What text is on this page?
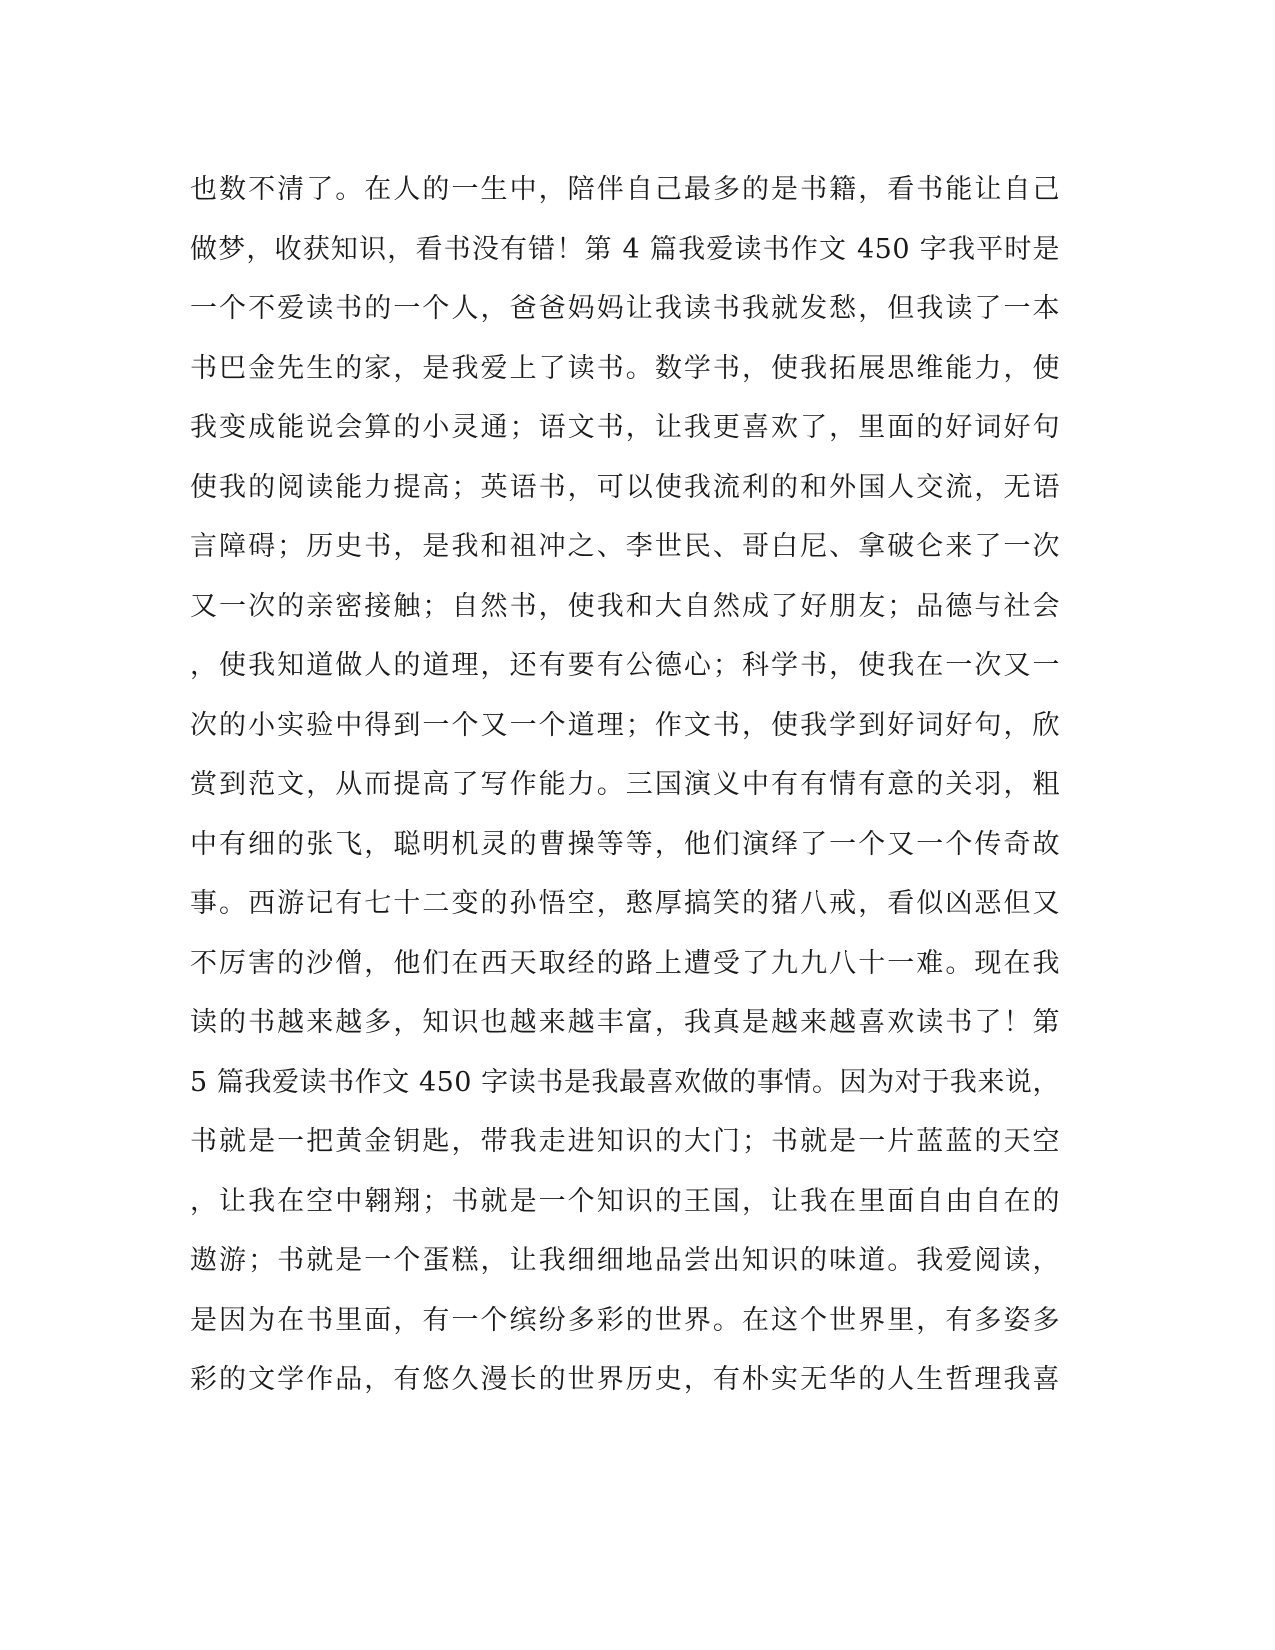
也数不清了。在人的一生中，陪伴自己最多的是书籍，看书能让自己
做梦，收获知识，看书没有错！第 4 篇我爱读书作文 450 字我平时是
一个不爱读书的一个人，爸爸妈妈让我读书我就发愁，但我读了一本
书巴金先生的家，是我爱上了读书。数学书，使我拓展思维能力，使
我变成能说会算的小灵通；语文书，让我更喜欢了，里面的好词好句
使我的阅读能力提高；英语书，可以使我流利的和外国人交流，无语
言障碍；历史书，是我和祖冲之、李世民、哥白尼、拿破仑来了一次
又一次的亲密接触；自然书，使我和大自然成了好朋友；品德与社会
，使我知道做人的道理，还有要有公德心；科学书，使我在一次又一
次的小实验中得到一个又一个道理；作文书，使我学到好词好句，欣
赏到范文，从而提高了写作能力。三国演义中有有情有意的关羽，粗
中有细的张飞，聪明机灵的曹操等等，他们演绎了一个又一个传奇故
事。西游记有七十二变的孙悟空，憨厚搞笑的猪八戒，看似凶恶但又
不厉害的沙僧，他们在西天取经的路上遭受了九九八十一难。现在我
读的书越来越多，知识也越来越丰富，我真是越来越喜欢读书了！第
5 篇我爱读书作文 450 字读书是我最喜欢做的事情。因为对于我来说，
书就是一把黄金钥匙，带我走进知识的大门；书就是一片蓝蓝的天空
，让我在空中翱翔；书就是一个知识的王国，让我在里面自由自在的
遨游；书就是一个蛋糕，让我细细地品尝出知识的味道。我爱阅读，
是因为在书里面，有一个缤纷多彩的世界。在这个世界里，有多姿多
彩的文学作品，有悠久漫长的世界历史，有朴实无华的人生哲理我喜
